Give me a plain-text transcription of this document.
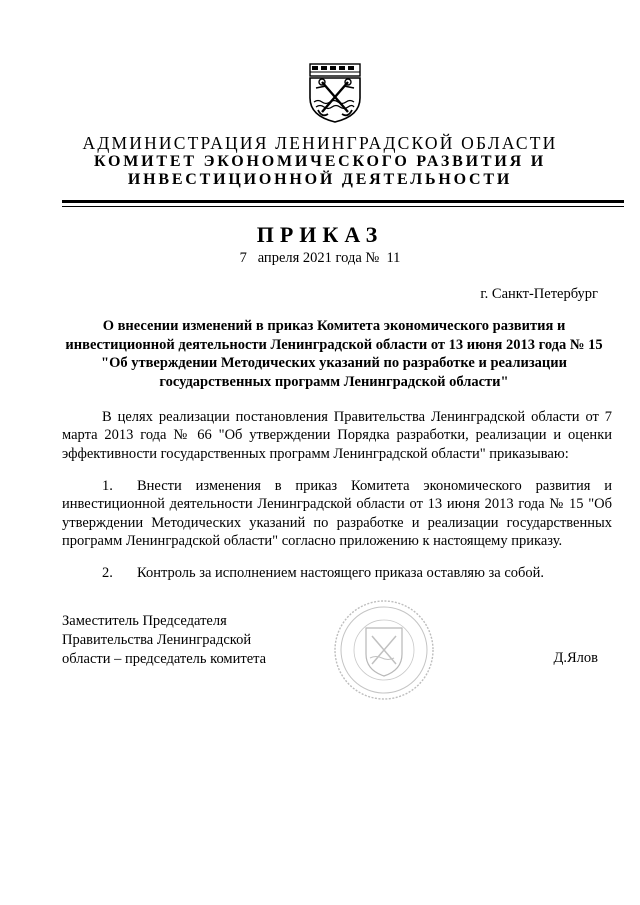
АДМИНИСТРАЦИЯ ЛЕНИНГРАДСКОЙ ОБЛАСТИ
КОМИТЕТ ЭКОНОМИЧЕСКОГО РАЗВИТИЯ И
ИНВЕСТИЦИОННОЙ ДЕЯТЕЛЬНОСТИ
ПРИКАЗ
7   апреля 2021 года №  11
г. Санкт-Петербург
О внесении изменений в приказ Комитета экономического развития и инвестиционной деятельности Ленинградской области от 13 июня 2013 года № 15 "Об утверждении Методических указаний по разработке и реализации государственных программ Ленинградской области"
В целях реализации постановления Правительства Ленинградской области от 7 марта 2013 года № 66 "Об утверждении Порядка разработки, реализации и оценки эффективности государственных программ Ленинградской области" приказываю:
1. Внести изменения в приказ Комитета экономического развития и инвестиционной деятельности Ленинградской области от 13 июня 2013 года № 15 "Об утверждении Методических указаний по разработке и реализации государственных программ Ленинградской области" согласно приложению к настоящему приказу.
2. Контроль за исполнением настоящего приказа оставляю за собой.
Заместитель Председателя
Правительства Ленинградской
области – председатель комитета	Д.Ялов
